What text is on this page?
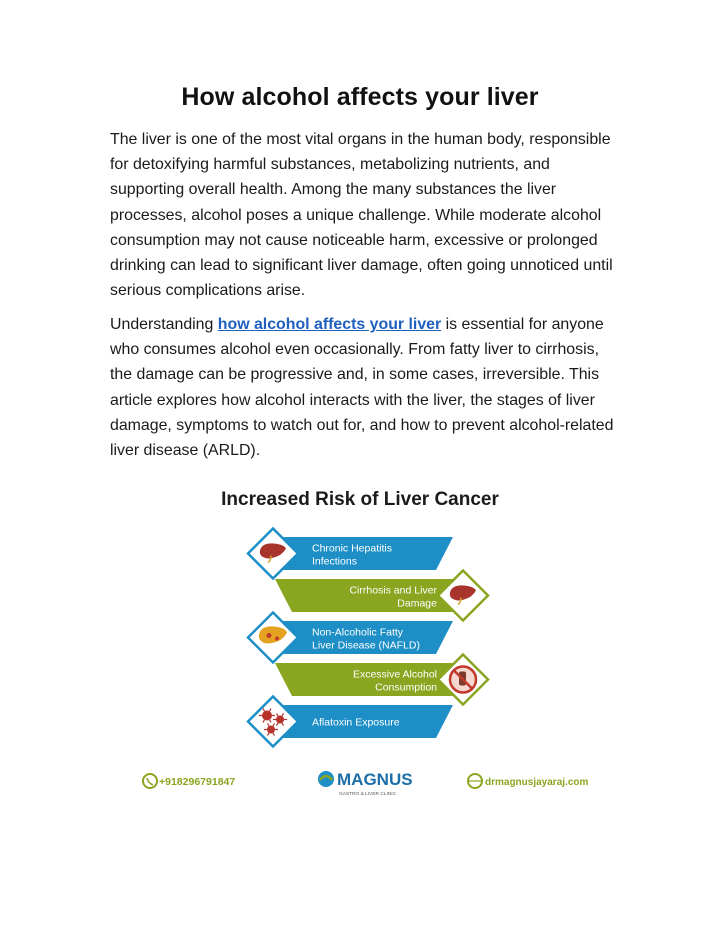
How alcohol affects your liver

The liver is one of the most vital organs in the human body, responsible for detoxifying harmful substances, metabolizing nutrients, and supporting overall health. Among the many substances the liver processes, alcohol poses a unique challenge. While moderate alcohol consumption may not cause noticeable harm, excessive or prolonged drinking can lead to significant liver damage, often going unnoticed until serious complications arise.

Understanding how alcohol affects your liver is essential for anyone who consumes alcohol even occasionally. From fatty liver to cirrhosis, the damage can be progressive and, in some cases, irreversible. This article explores how alcohol interacts with the liver, the stages of liver damage, symptoms to watch out for, and how to prevent alcohol-related liver disease (ARLD).

Increased Risk of Liver Cancer
Chronic Hepatitis Infections
Cirrhosis and Liver Damage
Non-Alcoholic Fatty Liver Disease (NAFLD)
Excessive Alcohol Consumption
Aflatoxin Exposure
+918296791847	MAGNUS
GASTRO & LIVER CLINIC
drmagnusjayaraj.com
